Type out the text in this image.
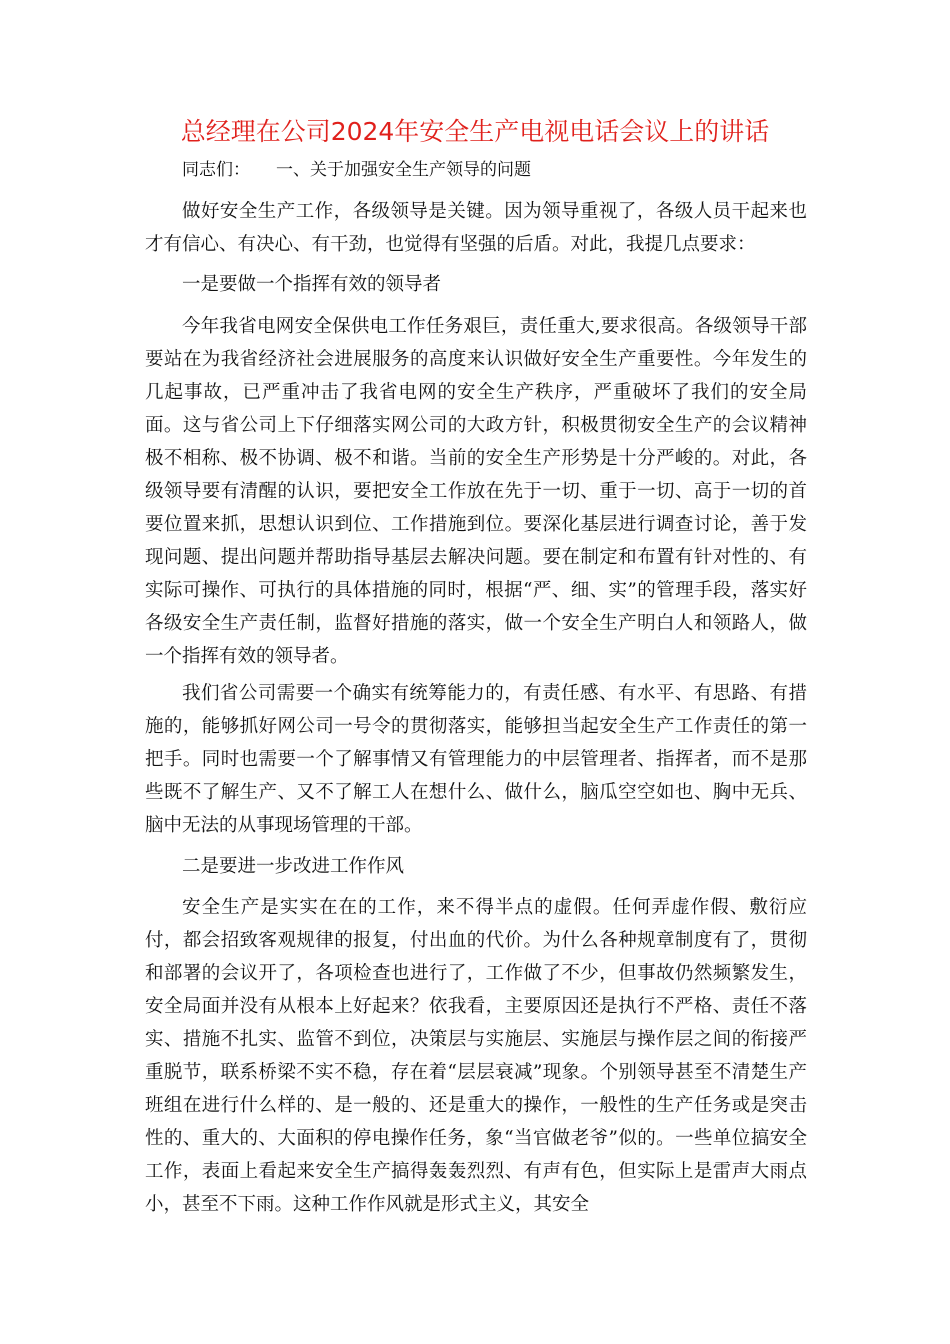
总经理在公司2024年安全生产电视电话会议上的讲话
同志们： 一、关于加强安全生产领导的问题

做好安全生产工作，各级领导是关键。因为领导重视了，各级人员干起来也才有信心、有决心、有干劲，也觉得有坚强的后盾。对此，我提几点要求：

一是要做一个指挥有效的领导者

今年我省电网安全保供电工作任务艰巨，责任重大,要求很高。各级领导干部要站在为我省经济社会进展服务的高度来认识做好安全生产重要性。今年发生的几起事故，已严重冲击了我省电网的安全生产秩序，严重破坏了我们的安全局面。这与省公司上下仔细落实网公司的大政方针，积极贯彻安全生产的会议精神极不相称、极不协调、极不和谐。当前的安全生产形势是十分严峻的。对此，各级领导要有清醒的认识，要把安全工作放在先于一切、重于一切、高于一切的首要位置来抓，思想认识到位、工作措施到位。要深化基层进行调查讨论，善于发现问题、提出问题并帮助指导基层去解决问题。要在制定和布置有针对性的、有实际可操作、可执行的具体措施的同时，根据“严、细、实”的管理手段，落实好各级安全生产责任制，监督好措施的落实，做一个安全生产明白人和领路人，做一个指挥有效的领导者。

我们省公司需要一个确实有统筹能力的，有责任感、有水平、有思路、有措施的，能够抓好网公司一号令的贯彻落实，能够担当起安全生产工作责任的第一把手。同时也需要一个了解事情又有管理能力的中层管理者、指挥者，而不是那些既不了解生产、又不了解工人在想什么、做什么，脑瓜空空如也、胸中无兵、脑中无法的从事现场管理的干部。

二是要进一步改进工作作风

安全生产是实实在在的工作，来不得半点的虚假。任何弄虚作假、敷衍应付，都会招致客观规律的报复，付出血的代价。为什么各种规章制度有了，贯彻和部署的会议开了，各项检查也进行了，工作做了不少，但事故仍然频繁发生，安全局面并没有从根本上好起来？依我看，主要原因还是执行不严格、责任不落实、措施不扎实、监管不到位，决策层与实施层、实施层与操作层之间的衔接严重脱节，联系桥梁不实不稳，存在着“层层衰减”现象。个别领导甚至不清楚生产班组在进行什么样的、是一般的、还是重大的操作，一般性的生产任务或是突击性的、重大的、大面积的停电操作任务，象“当官做老爷”似的。一些单位搞安全工作，表面上看起来安全生产搞得轰轰烈烈、有声有色，但实际上是雷声大雨点小，甚至不下雨。这种工作作风就是形式主义，其安全
